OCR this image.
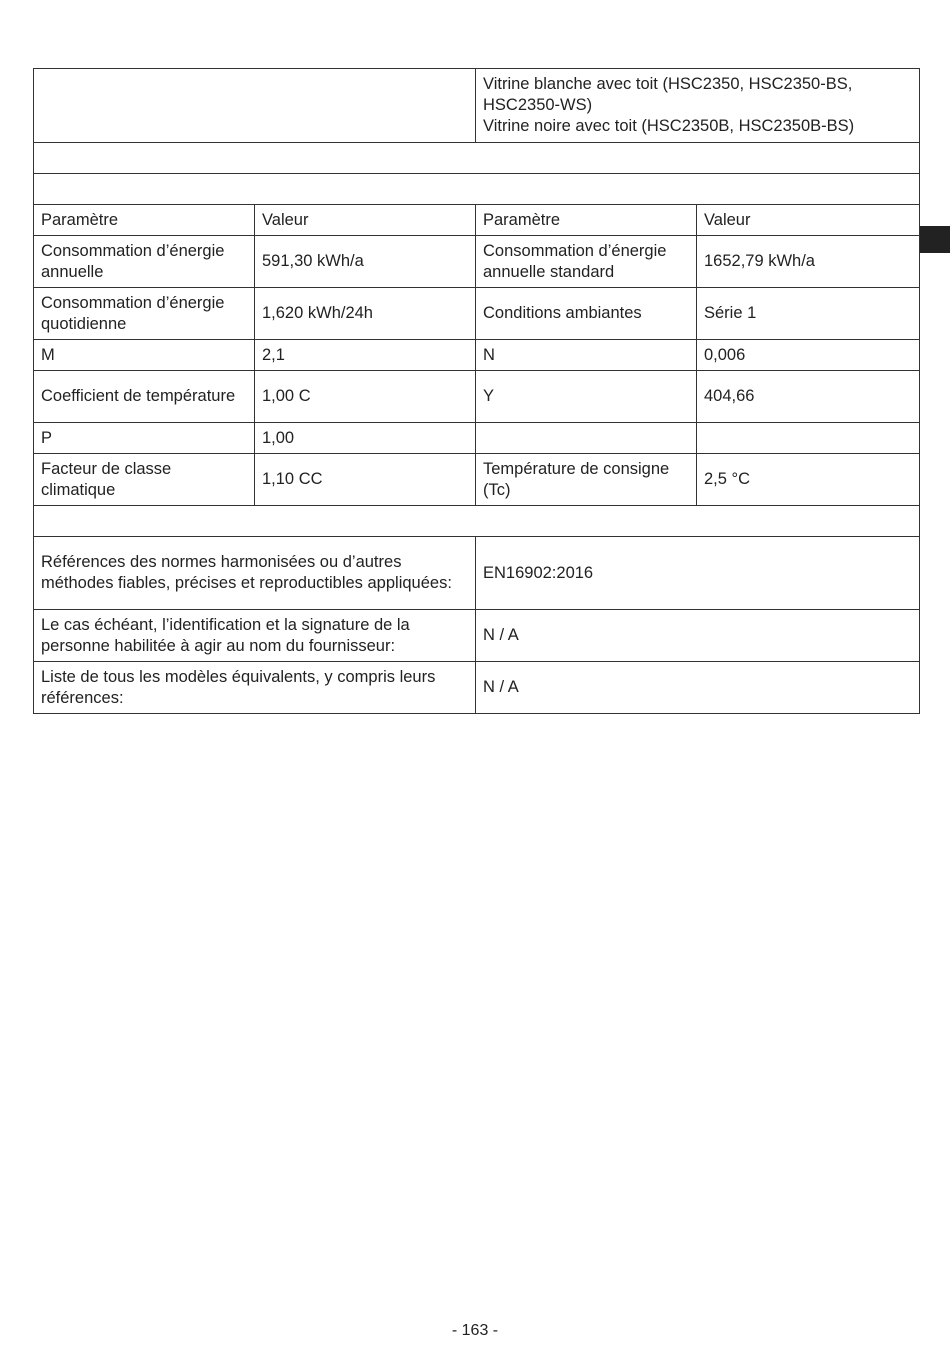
		Vitrine blanche avec toit (HSC2350, HSC2350-BS, HSC2350-WS)
Vitrine noire avec toit (HSC2350B, HSC2350B-BS)	

Paramètre	Valeur	Paramètre	Valeur
Consommation d’énergie annuelle	591,30 kWh/a	Consommation d’énergie annuelle standard	1652,79 kWh/a
Consommation d’énergie quotidienne	1,620 kWh/24h	Conditions ambiantes	Série 1
M	2,1	N	0,006
Coefficient de température	1,00 C	Y	404,66
P	1,00		
Facteur de classe climatique	1,10 CC	Température de consigne (Tc)	2,5 °C

Références des normes harmonisées ou d’autres méthodes fiables, précises et reproductibles appliquées:		EN16902:2016	
Le cas échéant, l’identification et la signature de la personne habilitée à agir au nom du fournisseur:		N / A	
Liste de tous les modèles équivalents, y compris leurs références:		N / A	
- 163 -
